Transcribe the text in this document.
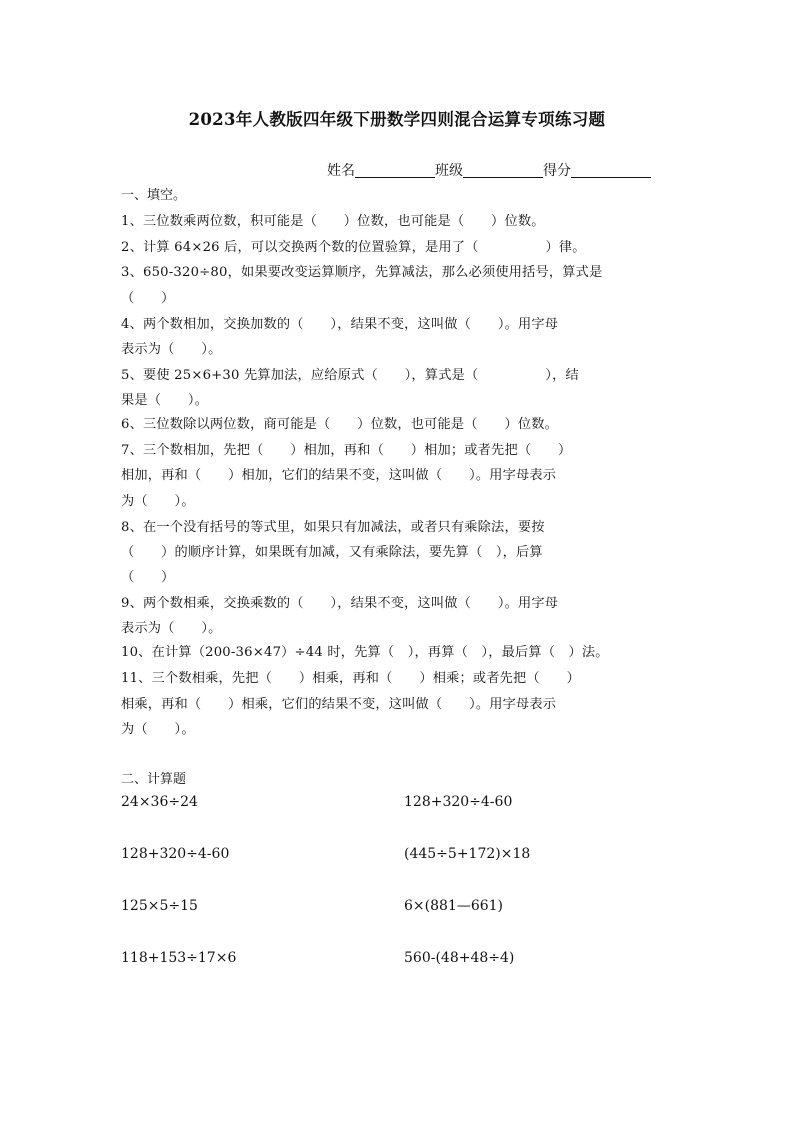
2023年人教版四年级下册数学四则混合运算专项练习题
姓名	班级	得分
一、填空。
1、三位数乘两位数，积可能是（　　）位数，也可能是（　　）位数。
2、计算 64×26 后，可以交换两个数的位置验算，是用了（　　　　　）律。
3、650-320÷80，如果要改变运算顺序，先算减法，那么必须使用括号，算式是
（　　）
4、两个数相加，交换加数的（　　），结果不变，这叫做（　　）。用字母
表示为（　　）。
5、要使 25×6+30 先算加法，应给原式（　　），算式是（　　　　　），结
果是（　　）。
6、三位数除以两位数，商可能是（　　）位数，也可能是（　　）位数。
7、三个数相加，先把（　　）相加，再和（　　）相加；或者先把（　　）
相加，再和（　　）相加，它们的结果不变，这叫做（　　）。用字母表示
为（　　）。
8、在一个没有括号的等式里，如果只有加减法，或者只有乘除法，要按
（　　）的顺序计算，如果既有加减，又有乘除法，要先算（　），后算
（　　）
9、两个数相乘，交换乘数的（　　），结果不变，这叫做（　　）。用字母
表示为（　　）。
10、在计算（200-36×47）÷44 时，先算（　），再算（　），最后算（　）法。
11、三个数相乘，先把（　　）相乘，再和（　　）相乘；或者先把（　　）
相乘，再和（　　）相乘，它们的结果不变，这叫做（　　）。用字母表示
为（　　）。
二、计算题
24×36÷24	128+320÷4-60
128+320÷4-60	(445÷5+172)×18
125×5÷15	6×(881—661)
118+153÷17×6	560-(48+48÷4)
